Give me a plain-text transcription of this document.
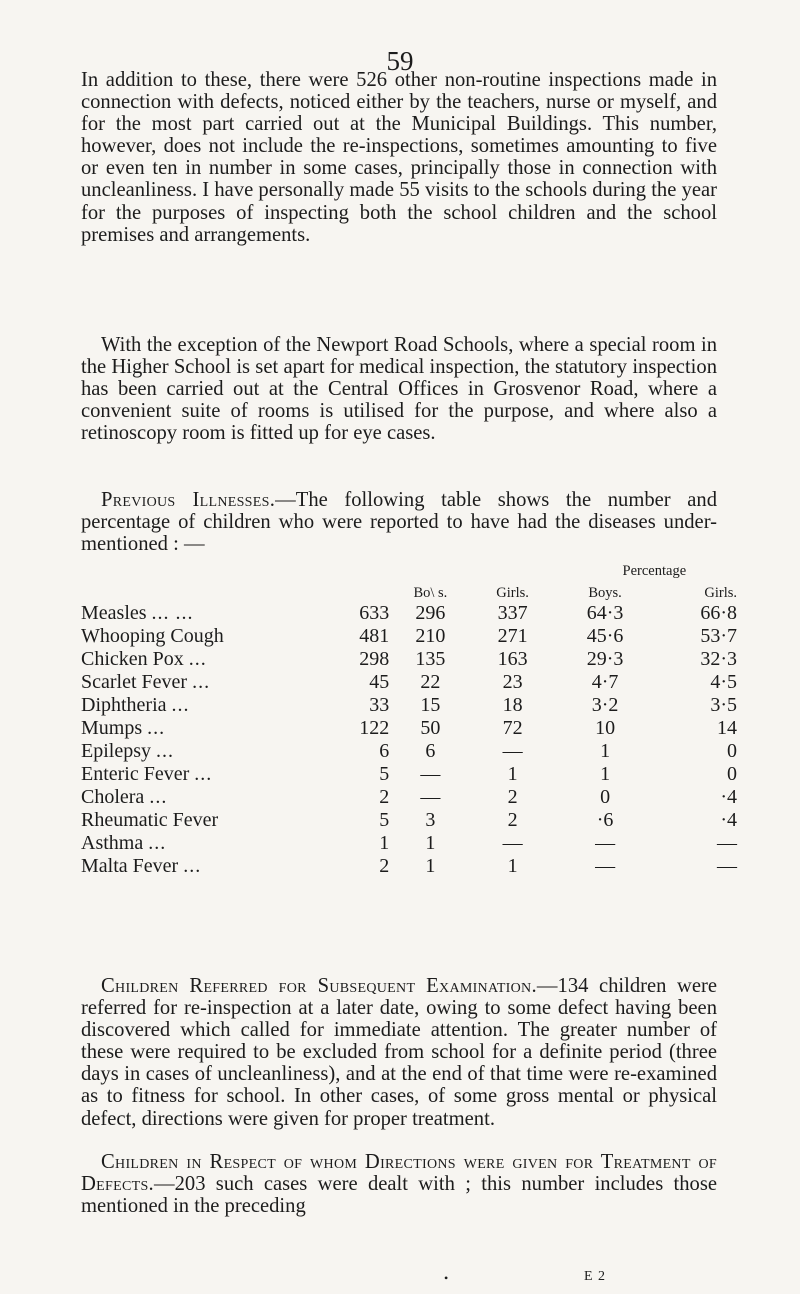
59

In addition to these, there were 526 other non-routine inspections made in connection with defects, noticed either by the teachers, nurse or myself, and for the most part carried out at the Municipal Buildings. This number, however, does not include the re-inspections, sometimes amounting to five or even ten in number in some cases, principally those in connection with uncleanliness. I have personally made 55 visits to the schools during the year for the purposes of inspecting both the school children and the school premises and arrangements.

With the exception of the Newport Road Schools, where a special room in the Higher School is set apart for medical inspection, the statutory inspection has been carried out at the Central Offices in Grosvenor Road, where a convenient suite of rooms is utilised for the purpose, and where also a retinoscopy room is fitted up for eye cases.

Previous Illnesses.—The following table shows the number and percentage of children who were reported to have had the diseases under-mentioned : —

				Percentage	
		Bo\ s.	Girls.	Boys.	Girls.
Measles ... ...	633	296	337	64·3	66·8
Whooping Cough	481	210	271	45·6	53·7
Chicken Pox ...	298	135	163	29·3	32·3
Scarlet Fever ...	45	22	23	4·7	4·5
Diphtheria ...	33	15	18	3·2	3·5
Mumps ...	122	50	72	10	14
Epilepsy ...	6	6	—	1	0
Enteric Fever ...	5	—	1	1	0
Cholera ...	2	—	2	0	·4
Rheumatic Fever	5	3	2	·6	·4
Asthma ...	1	1	—	—	—
Malta Fever ...	2	1	1	—	—

Children Referred for Subsequent Examination.—134 children were referred for re-inspection at a later date, owing to some defect having been discovered which called for immediate attention. The greater number of these were required to be excluded from school for a definite period (three days in cases of uncleanliness), and at the end of that time were re-examined as to fitness for school. In other cases, of some gross mental or physical defect, directions were given for proper treatment.

Children in Respect of whom Directions were given for Treatment of Defects.—203 such cases were dealt with ; this number includes those mentioned in the preceding

•	E 2
